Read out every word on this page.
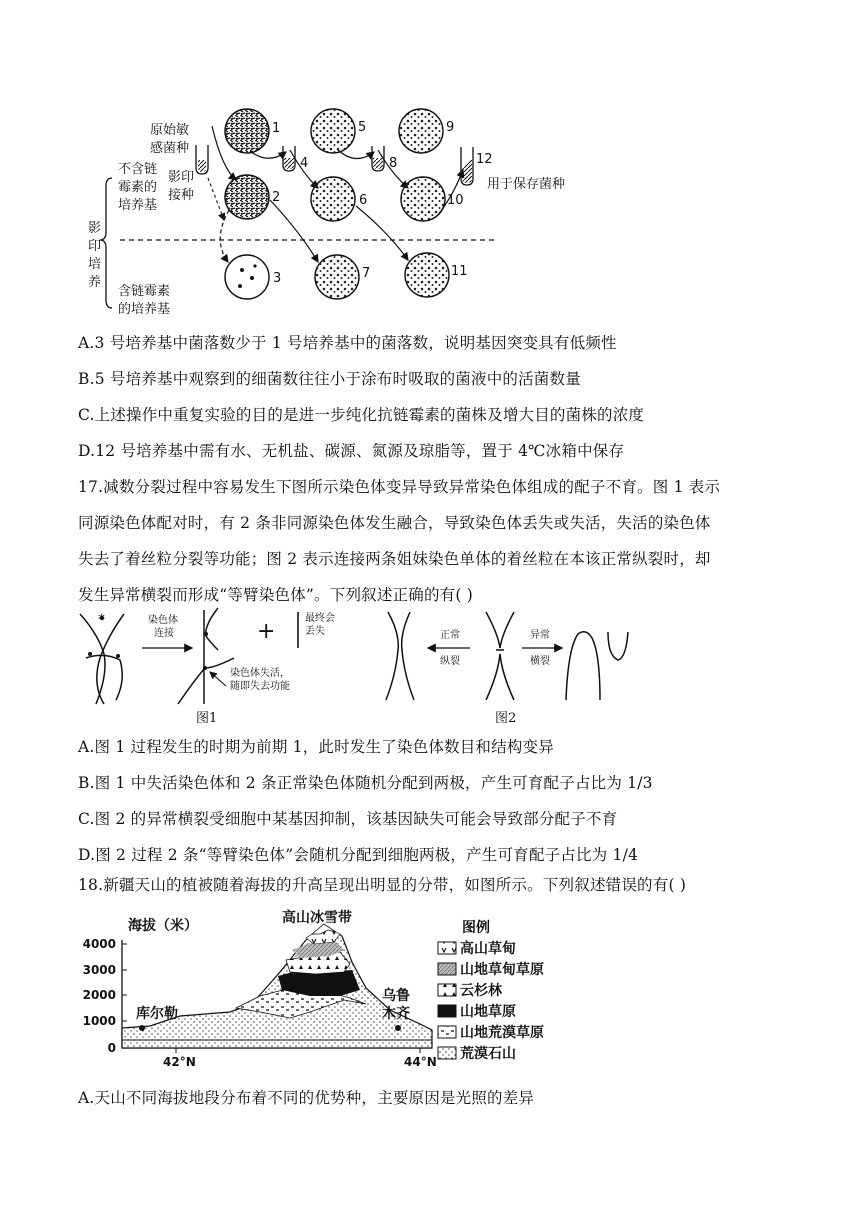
原始敏
感菌种
不含链
霉素的
培养基
影印
接种
影
印
培
养
含链霉素
的培养基
用于保存菌种
1
2
3
4
5
6
7
8
9
10
11
12
A.3 号培养基中菌落数少于 1 号培养基中的菌落数，说明基因突变具有低频性
B.5 号培养基中观察到的细菌数往往小于涂布时吸取的菌液中的活菌数量
C.上述操作中重复实验的目的是进一步纯化抗链霉素的菌株及增大目的菌株的浓度
D.12 号培养基中需有水、无机盐、碳源、氮源及琼脂等，置于 4℃冰箱中保存
17.减数分裂过程中容易发生下图所示染色体变异导致异常染色体组成的配子不育。图 1 表示
同源染色体配对时，有 2 条非同源染色体发生融合，导致染色体丢失或失活，失活的染色体
失去了着丝粒分裂等功能；图 2 表示连接两条姐妹染色单体的着丝粒在本该正常纵裂时，却
发生异常横裂而形成“等臂染色体”。下列叙述正确的有( )
*	染色体
连接
染色体失活，
随即失去功能
+
最终会
丢失
图1
正常
纵裂
异常
横裂
图2
A.图 1 过程发生的时期为前期 1，此时发生了染色体数目和结构变异
B.图 1 中失活染色体和 2 条正常染色体随机分配到两极，产生可育配子占比为 1/3
C.图 2 的异常横裂受细胞中某基因抑制，该基因缺失可能会导致部分配子不育
D.图 2 过程 2 条“等臂染色体”会随机分配到细胞两极，产生可育配子占比为 1/4
18.新疆天山的植被随着海拔的升高呈现出明显的分带，如图所示。下列叙述错误的有( )
海拔（米）
4000
3000
2000
1000
0
高山冰雪带
库尔勒
乌鲁
木齐
42°N	44°N
图例
高山草甸
山地草甸草原
云杉林
山地草原
山地荒漠草原
荒漠石山
A.天山不同海拔地段分布着不同的优势种，主要原因是光照的差异
